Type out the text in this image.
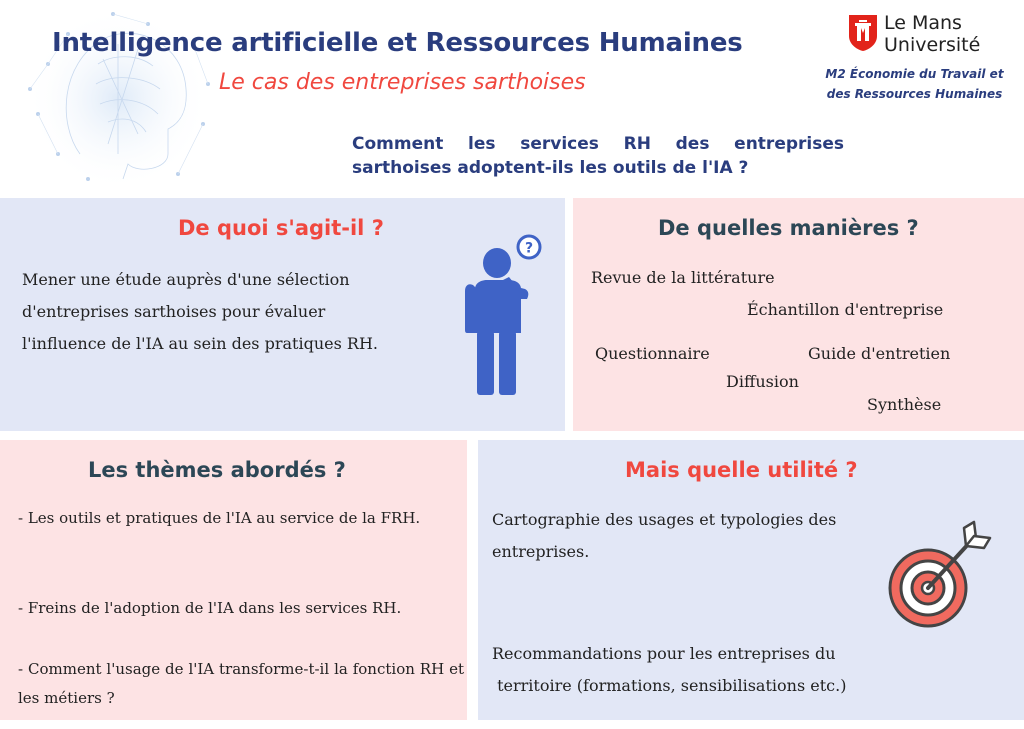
Intelligence artificielle et Ressources Humaines
Le cas des entreprises sarthoises
Comment les services RH des entreprises
sarthoises adoptent-ils les outils de l'IA ?
Le Mans
Université
M2 Économie du Travail et
des Ressources Humaines
De quoi s'agit-il ?
Mener une étude auprès d'une sélection
d'entreprises sarthoises pour évaluer
l'influence de l'IA au sein des pratiques RH.
?
De quelles manières ?
Revue de la littérature
Échantillon d'entreprise
Questionnaire	Guide d'entretien
Diffusion
Synthèse
Les thèmes abordés ?
- Les outils et pratiques de l'IA au service de la FRH.
- Freins de l'adoption de l'IA dans les services RH.
- Comment l'usage de l'IA transforme-t-il la fonction RH et les métiers ?
Mais quelle utilité ?
Cartographie des usages et typologies des
entreprises.
Recommandations pour les entreprises du
territoire (formations, sensibilisations etc.)
